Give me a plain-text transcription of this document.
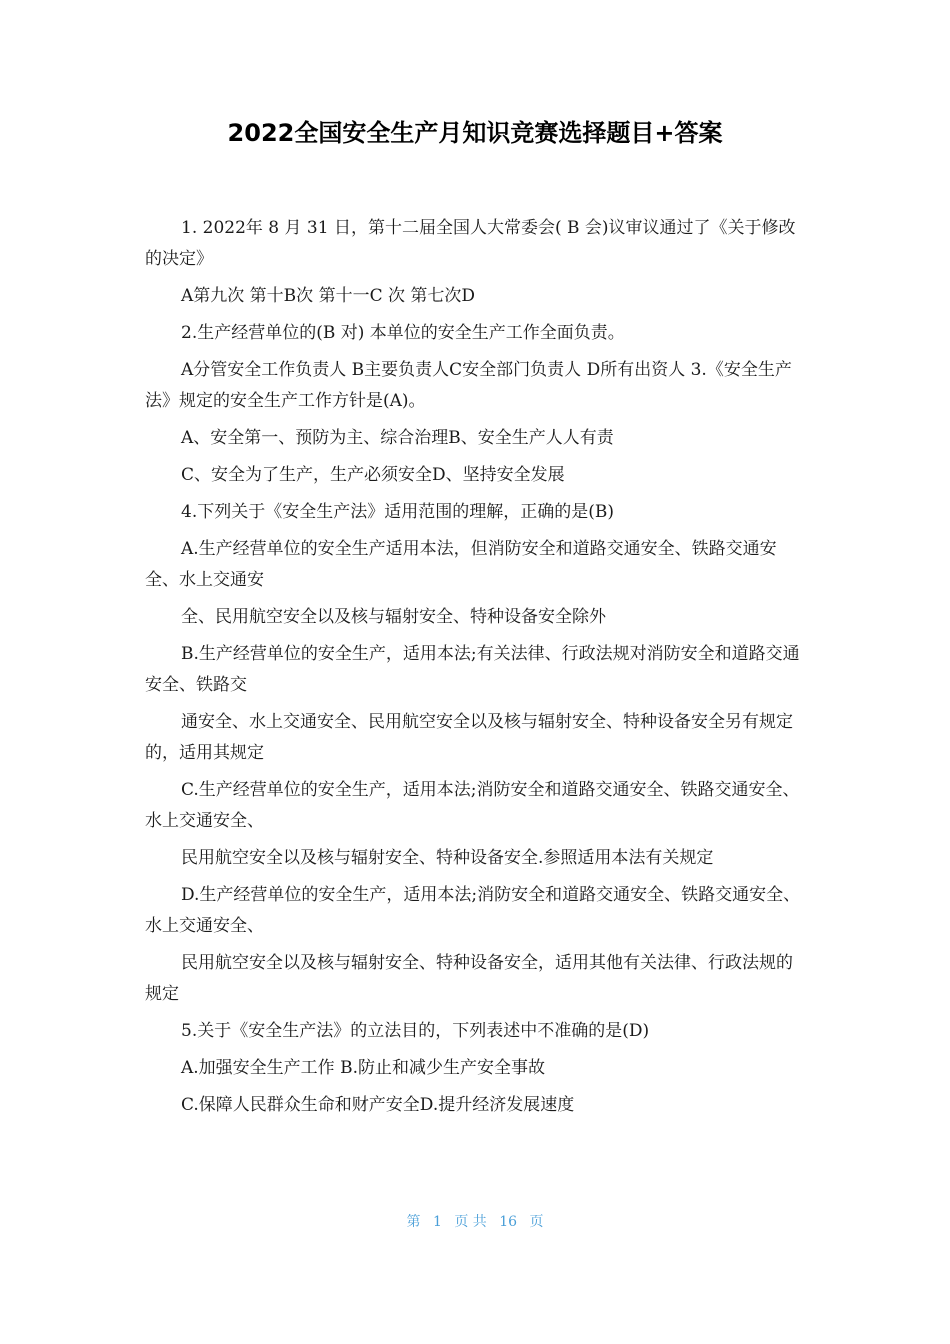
2022全国安全生产月知识竞赛选择题目+答案

1. 2022年 8 月 31 日，第十二届全国人大常委会( B 会)议审议通过了《关于修改的决定》

A第九次 第十B次 第十一C 次 第七次D

2.生产经营单位的(B 对) 本单位的安全生产工作全面负责。

A分管安全工作负责人 B主要负责人C安全部门负责人 D所有出资人 3.《安全生产法》规定的安全生产工作方针是(A)。

A、安全第一、预防为主、综合治理B、安全生产人人有责

C、安全为了生产，生产必须安全D、坚持安全发展

4.下列关于《安全生产法》适用范围的理解，正确的是(B)

A.生产经营单位的安全生产适用本法，但消防安全和道路交通安全、铁路交通安全、水上交通安

全、民用航空安全以及核与辐射安全、特种设备安全除外

B.生产经营单位的安全生产，适用本法;有关法律、行政法规对消防安全和道路交通安全、铁路交

通安全、水上交通安全、民用航空安全以及核与辐射安全、特种设备安全另有规定的，适用其规定

C.生产经营单位的安全生产，适用本法;消防安全和道路交通安全、铁路交通安全、水上交通安全、

民用航空安全以及核与辐射安全、特种设备安全.参照适用本法有关规定

D.生产经营单位的安全生产，适用本法;消防安全和道路交通安全、铁路交通安全、水上交通安全、

民用航空安全以及核与辐射安全、特种设备安全，适用其他有关法律、行政法规的规定

5.关于《安全生产法》的立法目的，下列表述中不准确的是(D)

A.加强安全生产工作 B.防止和减少生产安全事故

C.保障人民群众生命和财产安全D.提升经济发展速度

第 1 页 共 16 页
